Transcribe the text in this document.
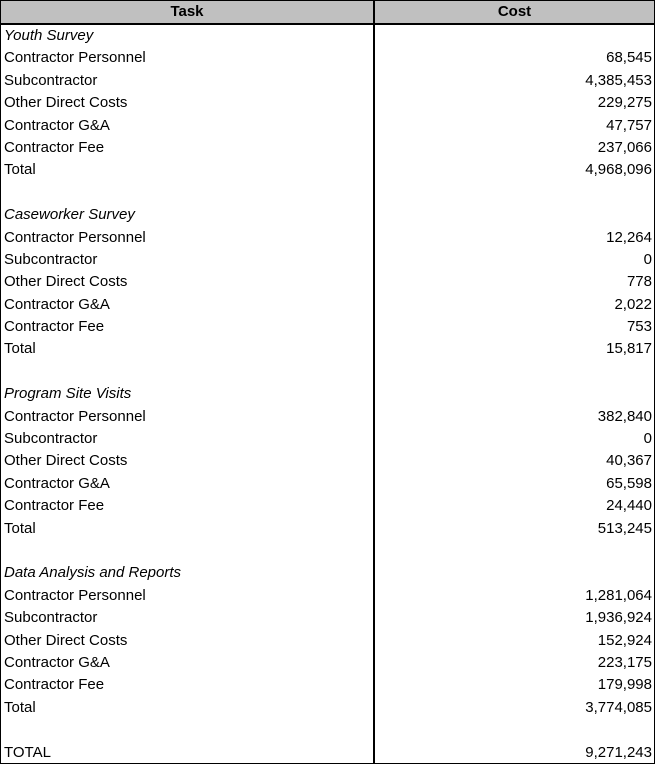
Task	Cost
Youth Survey
Contractor Personnel
Subcontractor
Other Direct Costs
Contractor G&A
Contractor Fee
Total
Caseworker Survey
Contractor Personnel
Subcontractor
Other Direct Costs
Contractor G&A
Contractor Fee
Total
Program Site Visits
Contractor Personnel
Subcontractor
Other Direct Costs
Contractor G&A
Contractor Fee
Total
Data Analysis and Reports
Contractor Personnel
Subcontractor
Other Direct Costs
Contractor G&A
Contractor Fee
Total
TOTAL
68,545
4,385,453
229,275
47,757
237,066
4,968,096
12,264
0
778
2,022
753
15,817
382,840
0
40,367
65,598
24,440
513,245
1,281,064
1,936,924
152,924
223,175
179,998
3,774,085
9,271,243
